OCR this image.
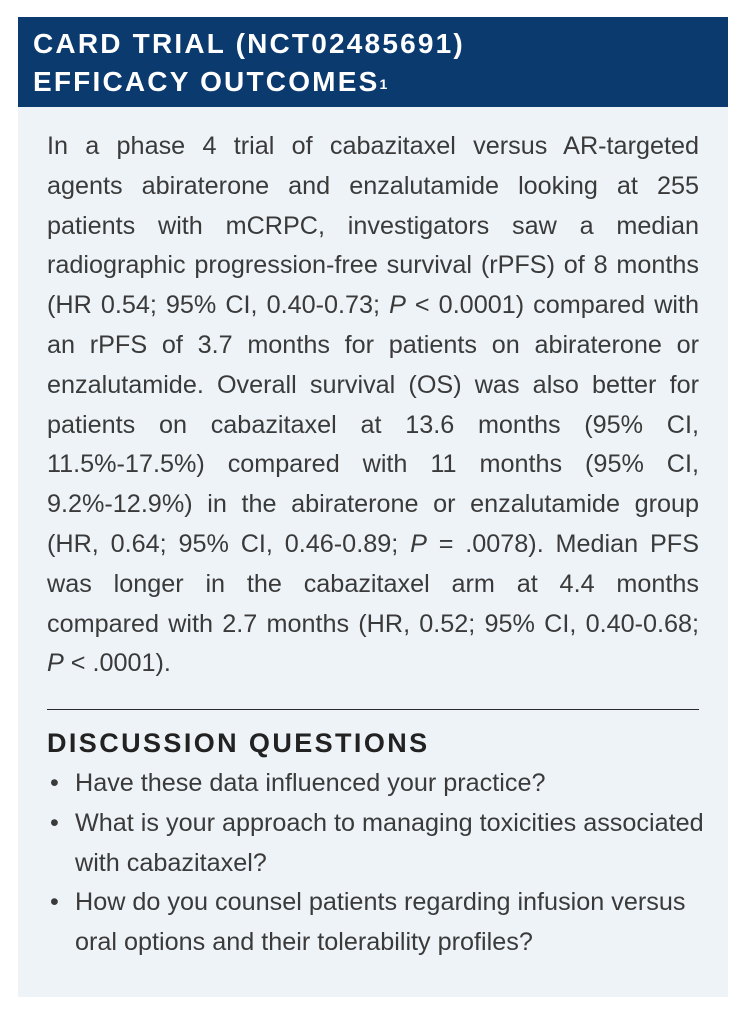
CARD TRIAL (NCT02485691)
EFFICACY OUTCOMES$^1$

In a phase 4 trial of cabazitaxel versus AR-targeted agents abiraterone and enzalutamide looking at 255 patients with mCRPC, investigators saw a median radiographic progression-free survival (rPFS) of 8 months (HR 0.54; 95% CI, 0.40-0.73; P < 0.0001) compared with an rPFS of 3.7 months for patients on abiraterone or enzalutamide. Overall survival (OS) was also better for patients on cabazitaxel at 13.6 months (95% CI, 11.5%-17.5%) compared with 11 months (95% CI, 9.2%-12.9%) in the abiraterone or enzalutamide group (HR, 0.64; 95% CI, 0.46-0.89; P = .0078). Median PFS was longer in the cabazitaxel arm at 4.4 months compared with 2.7 months (HR, 0.52; 95% CI, 0.40-0.68; P < .0001).

DISCUSSION QUESTIONS
• Have these data influenced your practice?
• What is your approach to managing toxicities associated with cabazitaxel?
• How do you counsel patients regarding infusion versus oral options and their tolerability profiles?
